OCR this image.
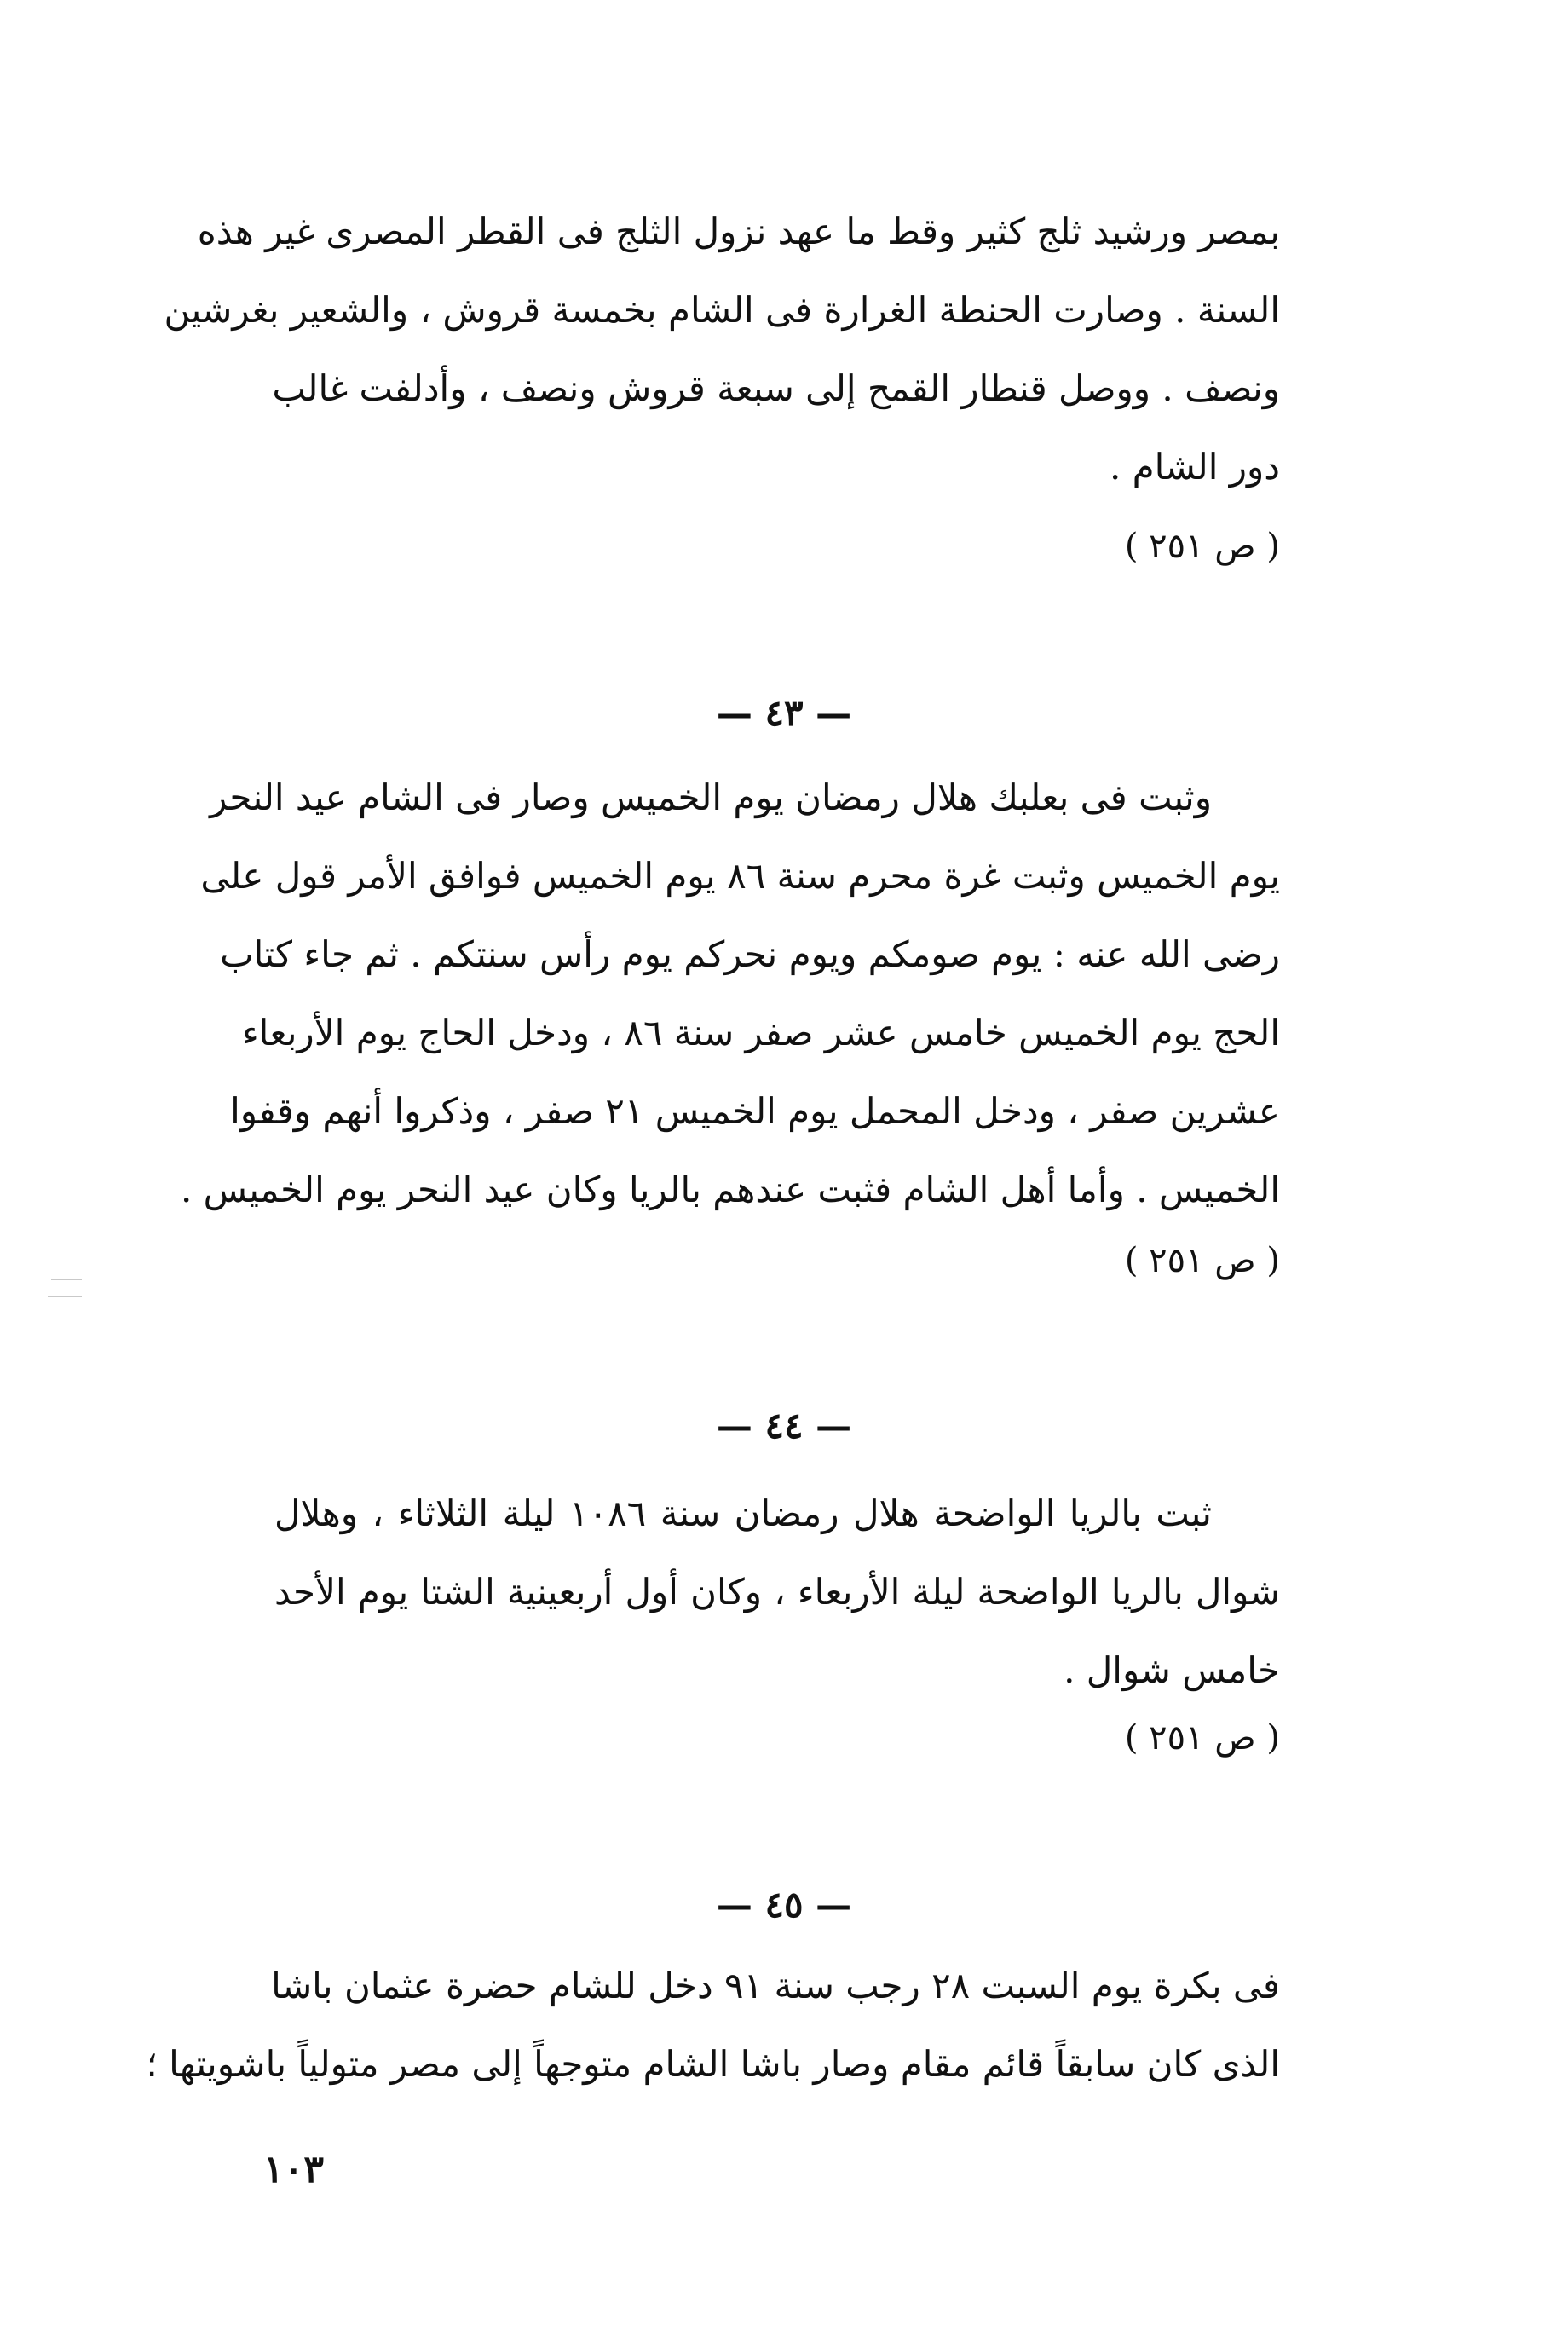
بمصر ورشيد ثلج كثير وقط ما عهد نزول الثلج فى القطر المصرى غير هذه

السنة . وصارت الحنطة الغرارة فى الشام بخمسة قروش ، والشعير بغرشين

ونصف . ووصل قنطار القمح إلى سبعة قروش ونصف ، وأدلفت غالب

دور الشام .

( ص ٢٥١ )
— ٤٣ —

وثبت فى بعلبك هلال رمضان يوم الخميس وصار فى الشام عيد النحر

يوم الخميس وثبت غرة محرم سنة ٨٦ يوم الخميس فوافق الأمر قول على

رضى الله عنه : يوم صومكم ويوم نحركم يوم رأس سنتكم . ثم جاء كتاب

الحج يوم الخميس خامس عشر صفر سنة ٨٦ ، ودخل الحاج يوم الأربعاء

عشرين صفر ، ودخل المحمل يوم الخميس ٢١ صفر ، وذكروا أنهم وقفوا

الخميس . وأما أهل الشام فثبت عندهم بالريا وكان عيد النحر يوم الخميس .

( ص ٢٥١ )
— ٤٤ —

ثبت بالريا الواضحة هلال رمضان سنة ١٠٨٦ ليلة الثلاثاء ، وهلال

شوال بالريا الواضحة ليلة الأربعاء ، وكان أول أربعينية الشتا يوم الأحد

خامس شوال .

( ص ٢٥١ )
— ٤٥ —

فى بكرة يوم السبت ٢٨ رجب سنة ٩١ دخل للشام حضرة عثمان باشا

الذى كان سابقاً قائم مقام وصار باشا الشام متوجهاً إلى مصر متولياً باشويتها ؛

١٠٣
